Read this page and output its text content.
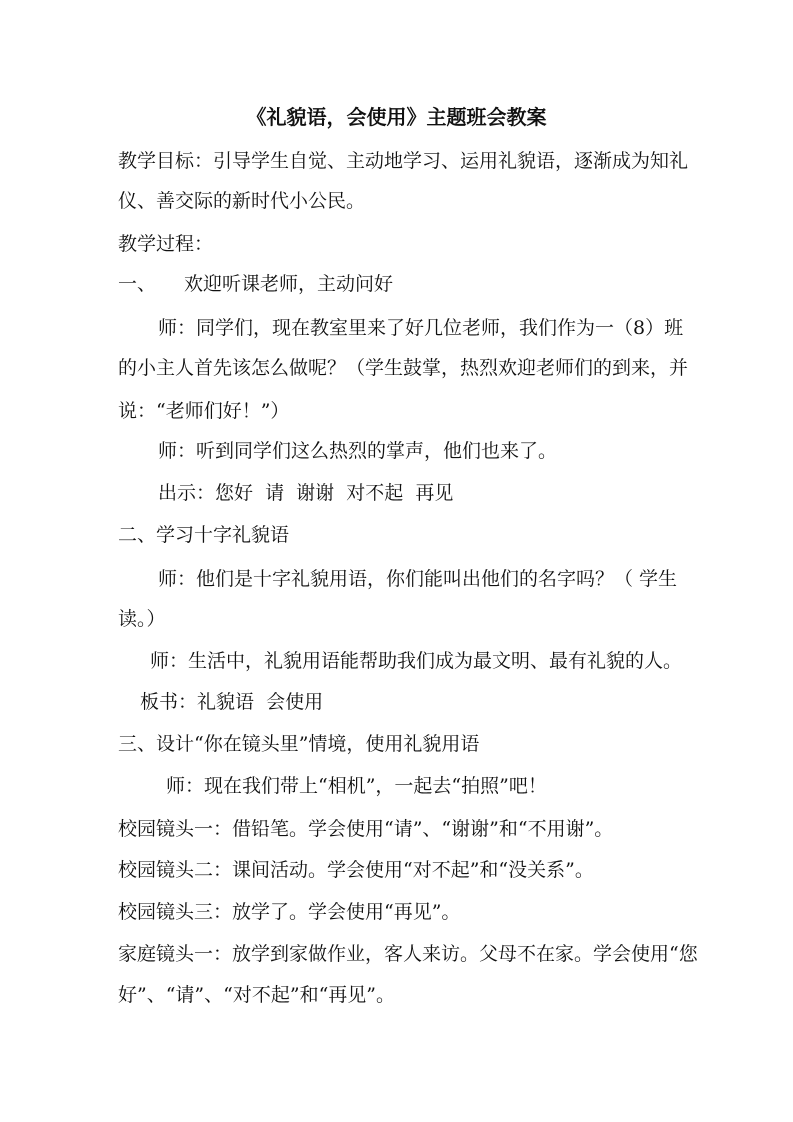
《礼貌语，会使用》主题班会教案
教学目标：引导学生自觉、主动地学习、运用礼貌语，逐渐成为知礼
仪、善交际的新时代小公民。
教学过程：
一、 欢迎听课老师，主动问好
师：同学们，现在教室里来了好几位老师，我们作为一（8）班
的小主人首先该怎么做呢？（学生鼓掌，热烈欢迎老师们的到来，并
说：“老师们好！”）
师：听到同学们这么热烈的掌声，他们也来了。
出示：您好  请  谢谢  对不起  再见
二、学习十字礼貌语
师：他们是十字礼貌用语，你们能叫出他们的名字吗？（ 学生
读。）
师：生活中，礼貌用语能帮助我们成为最文明、最有礼貌的人。
板书：礼貌语  会使用
三、设计“你在镜头里”情境，使用礼貌用语
师：现在我们带上“相机”，一起去“拍照”吧！
校园镜头一：借铅笔。学会使用“请”、“谢谢”和“不用谢”。
校园镜头二：课间活动。学会使用“对不起”和“没关系”。
校园镜头三：放学了。学会使用“再见”。
家庭镜头一：放学到家做作业，客人来访。父母不在家。学会使用“您
好”、“请”、“对不起”和“再见”。
